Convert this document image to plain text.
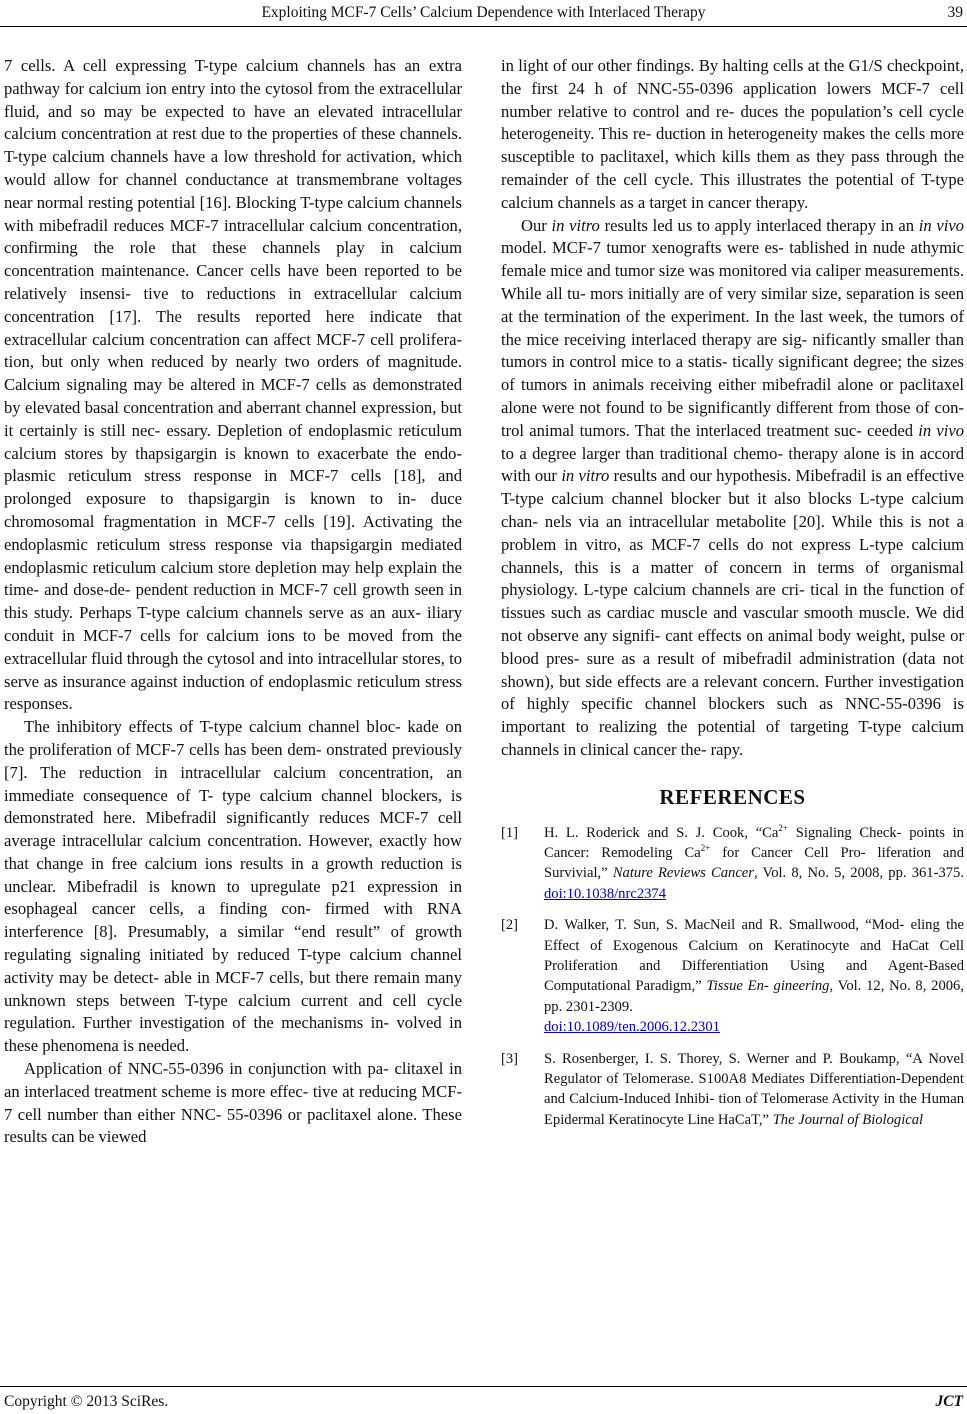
Exploiting MCF-7 Cells’ Calcium Dependence with Interlaced Therapy	39

7 cells. A cell expressing T-type calcium channels has an extra pathway for calcium ion entry into the cytosol from the extracellular fluid, and so may be expected to have an elevated intracellular calcium concentration at rest due to the properties of these channels. T-type calcium channels have a low threshold for activation, which would allow for channel conductance at transmembrane voltages near normal resting potential [16]. Blocking T-type calcium channels with mibefradil reduces MCF-7 intracellular calcium concentration, confirming the role that these channels play in calcium concentration maintenance. Cancer cells have been reported to be relatively insensi- tive to reductions in extracellular calcium concentration [17]. The results reported here indicate that extracellular calcium concentration can affect MCF-7 cell prolifera- tion, but only when reduced by nearly two orders of magnitude. Calcium signaling may be altered in MCF-7 cells as demonstrated by elevated basal concentration and aberrant channel expression, but it certainly is still nec- essary. Depletion of endoplasmic reticulum calcium stores by thapsigargin is known to exacerbate the endo- plasmic reticulum stress response in MCF-7 cells [18], and prolonged exposure to thapsigargin is known to in- duce chromosomal fragmentation in MCF-7 cells [19]. Activating the endoplasmic reticulum stress response via thapsigargin mediated endoplasmic reticulum calcium store depletion may help explain the time- and dose-de- pendent reduction in MCF-7 cell growth seen in this study. Perhaps T-type calcium channels serve as an aux- iliary conduit in MCF-7 cells for calcium ions to be moved from the extracellular fluid through the cytosol and into intracellular stores, to serve as insurance against induction of endoplasmic reticulum stress responses.

The inhibitory effects of T-type calcium channel bloc- kade on the proliferation of MCF-7 cells has been dem- onstrated previously [7]. The reduction in intracellular calcium concentration, an immediate consequence of T- type calcium channel blockers, is demonstrated here. Mibefradil significantly reduces MCF-7 cell average intracellular calcium concentration. However, exactly how that change in free calcium ions results in a growth reduction is unclear. Mibefradil is known to upregulate p21 expression in esophageal cancer cells, a finding con- firmed with RNA interference [8]. Presumably, a similar “end result” of growth regulating signaling initiated by reduced T-type calcium channel activity may be detect- able in MCF-7 cells, but there remain many unknown steps between T-type calcium current and cell cycle regulation. Further investigation of the mechanisms in- volved in these phenomena is needed.

Application of NNC-55-0396 in conjunction with pa- clitaxel in an interlaced treatment scheme is more effec- tive at reducing MCF-7 cell number than either NNC- 55-0396 or paclitaxel alone. These results can be viewed

in light of our other findings. By halting cells at the G1/S checkpoint, the first 24 h of NNC-55-0396 application lowers MCF-7 cell number relative to control and re- duces the population’s cell cycle heterogeneity. This re- duction in heterogeneity makes the cells more susceptible to paclitaxel, which kills them as they pass through the remainder of the cell cycle. This illustrates the potential of T-type calcium channels as a target in cancer therapy.

Our in vitro results led us to apply interlaced therapy in an in vivo model. MCF-7 tumor xenografts were es- tablished in nude athymic female mice and tumor size was monitored via caliper measurements. While all tu- mors initially are of very similar size, separation is seen at the termination of the experiment. In the last week, the tumors of the mice receiving interlaced therapy are sig- nificantly smaller than tumors in control mice to a statis- tically significant degree; the sizes of tumors in animals receiving either mibefradil alone or paclitaxel alone were not found to be significantly different from those of con- trol animal tumors. That the interlaced treatment suc- ceeded in vivo to a degree larger than traditional chemo- therapy alone is in accord with our in vitro results and our hypothesis. Mibefradil is an effective T-type calcium channel blocker but it also blocks L-type calcium chan- nels via an intracellular metabolite [20]. While this is not a problem in vitro, as MCF-7 cells do not express L-type calcium channels, this is a matter of concern in terms of organismal physiology. L-type calcium channels are cri- tical in the function of tissues such as cardiac muscle and vascular smooth muscle. We did not observe any signifi- cant effects on animal body weight, pulse or blood pres- sure as a result of mibefradil administration (data not shown), but side effects are a relevant concern. Further investigation of highly specific channel blockers such as NNC-55-0396 is important to realizing the potential of targeting T-type calcium channels in clinical cancer the- rapy.

REFERENCES
[1] H. L. Roderick and S. J. Cook, “$Ca^{2+}$ Signaling Check- points in Cancer: Remodeling $Ca^{2+}$ for Cancer Cell Pro- liferation and Survivial,” Nature Reviews Cancer, Vol. 8, No. 5, 2008, pp. 361-375. doi:10.1038/nrc2374
[2] D. Walker, T. Sun, S. MacNeil and R. Smallwood, “Mod- eling the Effect of Exogenous Calcium on Keratinocyte and HaCat Cell Proliferation and Differentiation Using and Agent-Based Computational Paradigm,” Tissue En- gineering, Vol. 12, No. 8, 2006, pp. 2301-2309.
doi:10.1089/ten.2006.12.2301
[3] S. Rosenberger, I. S. Thorey, S. Werner and P. Boukamp, “A Novel Regulator of Telomerase. S100A8 Mediates Differentiation-Dependent and Calcium-Induced Inhibi- tion of Telomerase Activity in the Human Epidermal Keratinocyte Line HaCaT,” The Journal of Biological
Copyright © 2013 SciRes.	JCT
